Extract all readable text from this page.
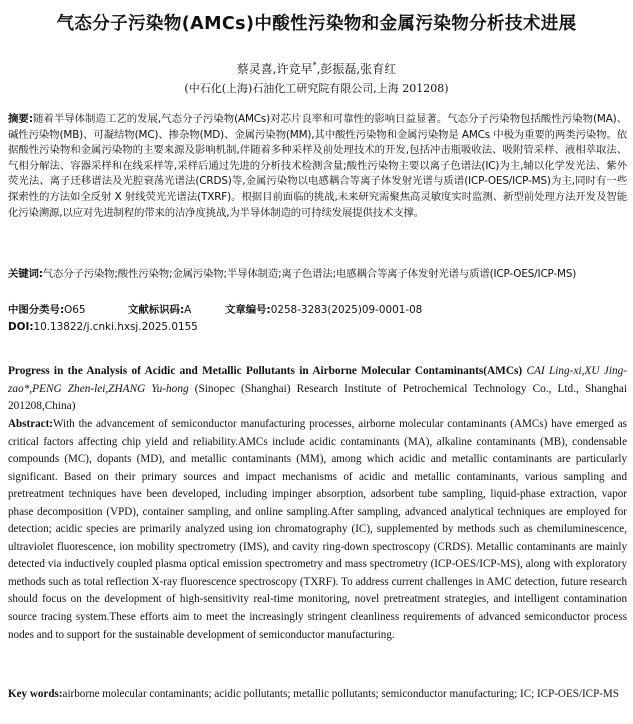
气态分子污染物(AMCs)中酸性污染物和金属污染物分析技术进展
蔡灵喜,许竞早*,彭振磊,张育红
(中石化(上海)石油化工研究院有限公司,上海 201208)
摘要:随着半导体制造工艺的发展,气态分子污染物(AMCs)对芯片良率和可靠性的影响日益显著。气态分子污染物包括酸性污染物(MA)、碱性污染物(MB)、可凝结物(MC)、掺杂物(MD)、金属污染物(MM),其中酸性污染物和金属污染物是 AMCs 中极为重要的两类污染物。依据酸性污染物和金属污染物的主要来源及影响机制,伴随着多种采样及前处理技术的开发,包括冲击瓶吸收法、吸附管采样、液相萃取法、气相分解法、容器采样和在线采样等,采样后通过先进的分析技术检测含量;酸性污染物主要以离子色谱法(IC)为主,辅以化学发光法、紫外荧光法、离子迁移谱法及光腔衰荡光谱法(CRDS)等,金属污染物以电感耦合等离子体发射光谱与质谱(ICP-OES/ICP-MS)为主,同时有一些探索性的方法如全反射 X 射线荧光光谱法(TXRF)。根据目前面临的挑战,未来研究需聚焦高灵敏度实时监测、新型前处理方法开发及智能化污染溯源,以应对先进制程的带来的洁净度挑战,为半导体制造的可持续发展提供技术支撑。
关键词:气态分子污染物;酸性污染物;金属污染物;半导体制造;离子色谱法;电感耦合等离子体发射光谱与质谱(ICP-OES/ICP-MS)
中图分类号:O65	文献标识码:A	文章编号:0258-3283(2025)09-0001-08
DOI:10.13822/j.cnki.hxsj.2025.0155
Progress in the Analysis of Acidic and Metallic Pollutants in Airborne Molecular Contaminants(AMCs) CAI Ling-xi,XU Jing-zao*,PENG Zhen-lei,ZHANG Yu-hong (Sinopec (Shanghai) Research Institute of Petrochemical Technology Co., Ltd., Shanghai 201208,China)
Abstract:With the advancement of semiconductor manufacturing processes, airborne molecular contaminants (AMCs) have emerged as critical factors affecting chip yield and reliability.AMCs include acidic contaminants (MA), alkaline contaminants (MB), condensable compounds (MC), dopants (MD), and metallic contaminants (MM), among which acidic and metallic contaminants are particularly significant. Based on their primary sources and impact mechanisms of acidic and metallic contaminants, various sampling and pretreatment techniques have been developed, including impinger absorption, adsorbent tube sampling, liquid-phase extraction, vapor phase decomposition (VPD), container sampling, and online sampling.After sampling, advanced analytical techniques are employed for detection; acidic species are primarily analyzed using ion chromatography (IC), supplemented by methods such as chemiluminescence, ultraviolet fluorescence, ion mobility spectrometry (IMS), and cavity ring-down spectroscopy (CRDS). Metallic contaminants are mainly detected via inductively coupled plasma optical emission spectrometry and mass spectrometry (ICP-OES/ICP-MS), along with exploratory methods such as total reflection X-ray fluorescence spectroscopy (TXRF). To address current challenges in AMC detection, future research should focus on the development of high-sensitivity real-time monitoring, novel pretreatment strategies, and intelligent contamination source tracing system.These efforts aim to meet the increasingly stringent cleanliness requirements of advanced semiconductor process nodes and to support for the sustainable development of semiconductor manufacturing.
Key words:airborne molecular contaminants; acidic pollutants; metallic pollutants; semiconductor manufacturing; IC; ICP-OES/ICP-MS
